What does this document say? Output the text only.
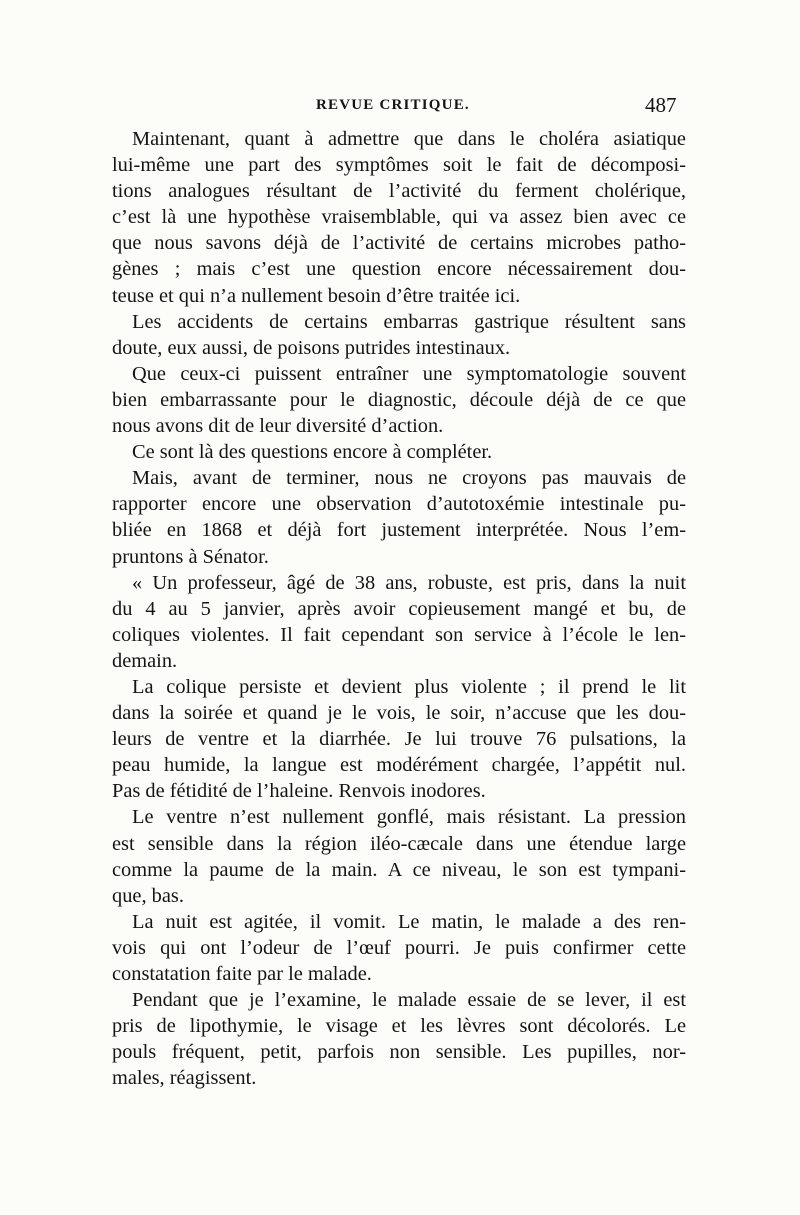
REVUE CRITIQUE.	487
Maintenant, quant à admettre que dans le choléra asiatique
lui-même une part des symptômes soit le fait de décomposi-
tions analogues résultant de l’activité du ferment cholérique,
c’est là une hypothèse vraisemblable, qui va assez bien avec ce
que nous savons déjà de l’activité de certains microbes patho-
gènes ; mais c’est une question encore nécessairement dou-
teuse et qui n’a nullement besoin d’être traitée ici.
Les accidents de certains embarras gastrique résultent sans
doute, eux aussi, de poisons putrides intestinaux.
Que ceux-ci puissent entraîner une symptomatologie souvent
bien embarrassante pour le diagnostic, découle déjà de ce que
nous avons dit de leur diversité d’action.
Ce sont là des questions encore à compléter.
Mais, avant de terminer, nous ne croyons pas mauvais de
rapporter encore une observation d’autotoxémie intestinale pu-
bliée en 1868 et déjà fort justement interprétée. Nous l’em-
pruntons à Sénator.
« Un professeur, âgé de 38 ans, robuste, est pris, dans la nuit
du 4 au 5 janvier, après avoir copieusement mangé et bu, de
coliques violentes. Il fait cependant son service à l’école le len-
demain.
La colique persiste et devient plus violente ; il prend le lit
dans la soirée et quand je le vois, le soir, n’accuse que les dou-
leurs de ventre et la diarrhée. Je lui trouve 76 pulsations, la
peau humide, la langue est modérément chargée, l’appétit nul.
Pas de fétidité de l’haleine. Renvois inodores.
Le ventre n’est nullement gonflé, mais résistant. La pression
est sensible dans la région iléo-cæcale dans une étendue large
comme la paume de la main. A ce niveau, le son est tympani-
que, bas.
La nuit est agitée, il vomit. Le matin, le malade a des ren-
vois qui ont l’odeur de l’œuf pourri. Je puis confirmer cette
constatation faite par le malade.
Pendant que je l’examine, le malade essaie de se lever, il est
pris de lipothymie, le visage et les lèvres sont décolorés. Le
pouls fréquent, petit, parfois non sensible. Les pupilles, nor-
males, réagissent.
